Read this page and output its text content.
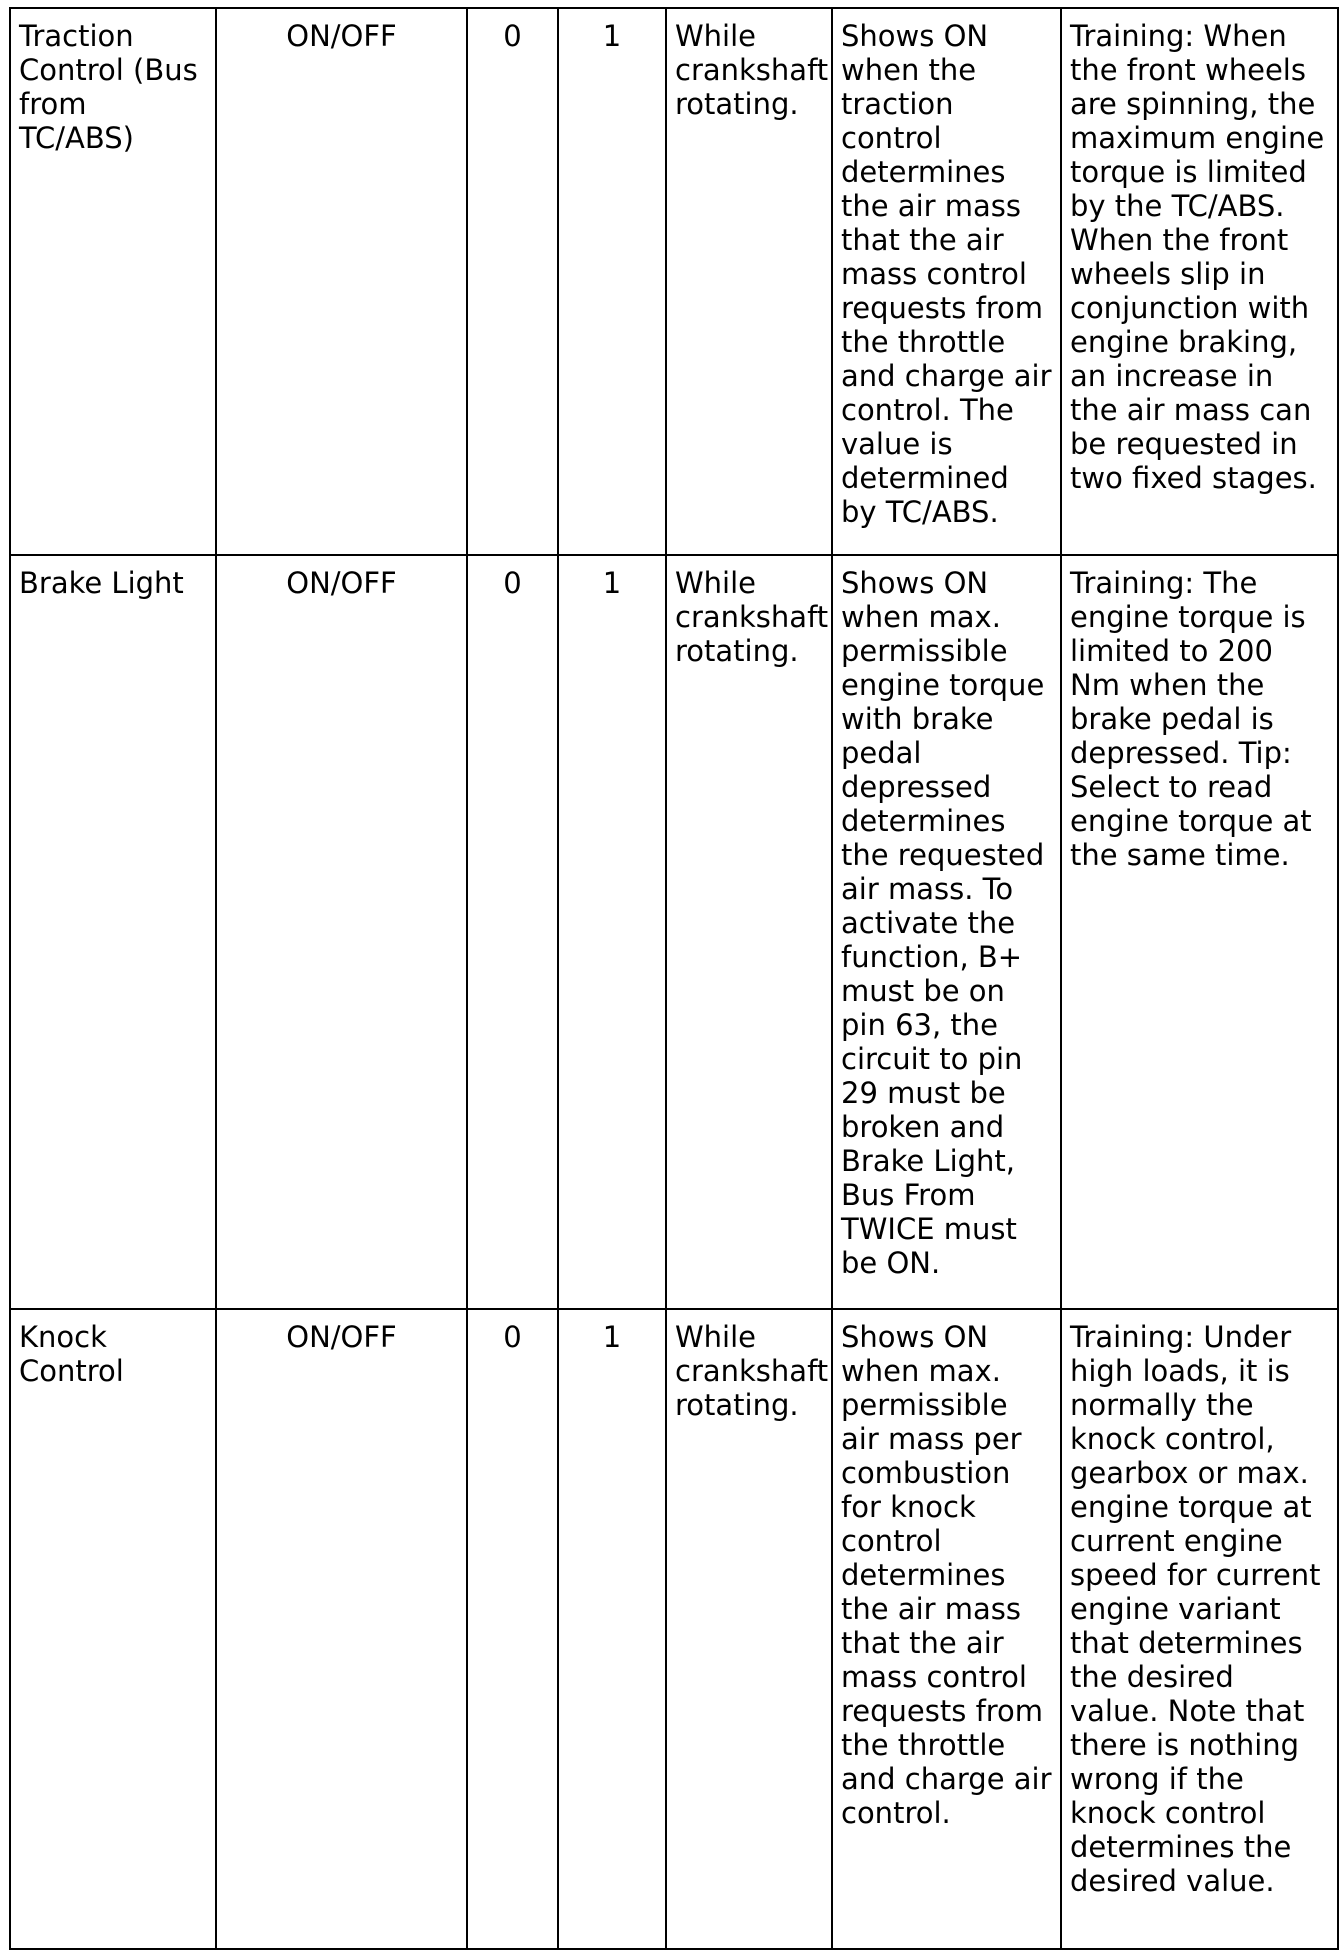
Traction Control (Bus from TC/ABS)	ON/OFF	0	1	While crankshaft rotating.	Shows ON when the traction control determines the air mass that the air mass control requests from the throttle and charge air control. The value is determined by TC/ABS.	Training: When the front wheels are spinning, the maximum engine torque is limited by the TC/ABS. When the front wheels slip in conjunction with engine braking, an increase in the air mass can be requested in two fixed stages.

Brake Light	ON/OFF	0	1	While crankshaft rotating.	Shows ON when max. permissible engine torque with brake pedal depressed determines the requested air mass. To activate the function, B+ must be on pin 63, the circuit to pin 29 must be broken and Brake Light, Bus From TWICE must be ON.	Training: The engine torque is limited to 200 Nm when the brake pedal is depressed. Tip: Select to read engine torque at the same time.

Knock Control	ON/OFF	0	1	While crankshaft rotating.	Shows ON when max. permissible air mass per combustion for knock control determines the air mass that the air mass control requests from the throttle and charge air control.	Training: Under high loads, it is normally the knock control, gearbox or max. engine torque at current engine speed for current engine variant that determines the desired value. Note that there is nothing wrong if the knock control determines the desired value.
